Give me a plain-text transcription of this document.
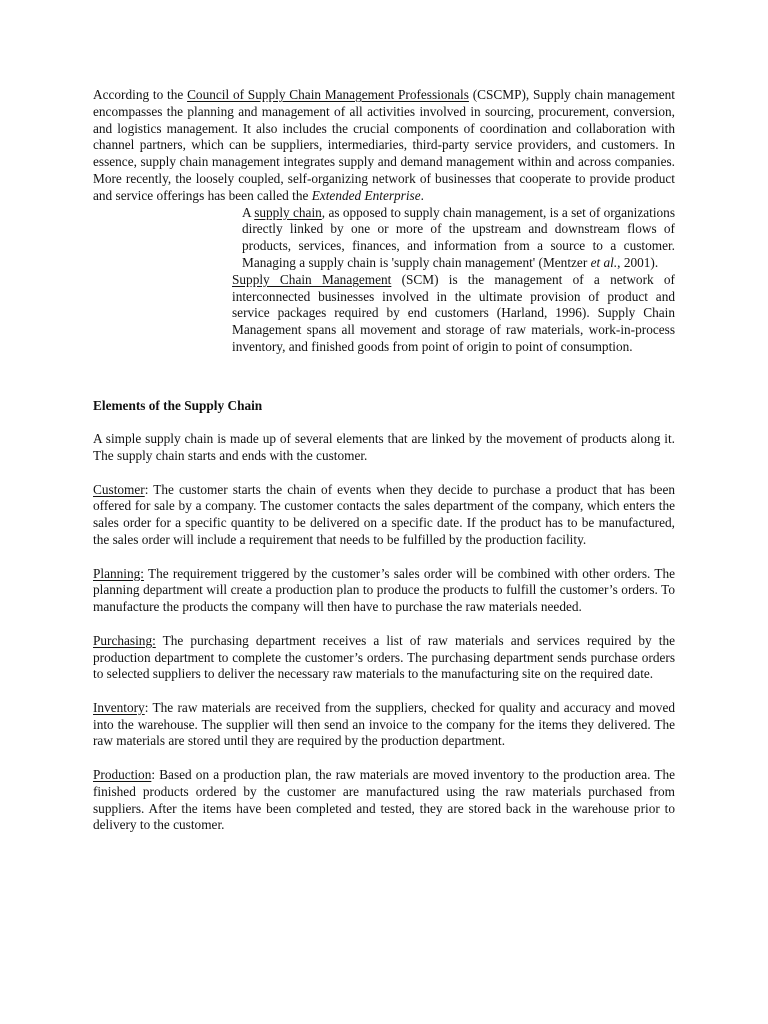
According to the Council of Supply Chain Management Professionals (CSCMP), Supply chain management encompasses the planning and management of all activities involved in sourcing, procurement, conversion, and logistics management. It also includes the crucial components of coordination and collaboration with channel partners, which can be suppliers, intermediaries, third-party service providers, and customers. In essence, supply chain management integrates supply and demand management within and across companies. More recently, the loosely coupled, self-organizing network of businesses that cooperate to provide product and service offerings has been called the Extended Enterprise.

A supply chain, as opposed to supply chain management, is a set of organizations directly linked by one or more of the upstream and downstream flows of products, services, finances, and information from a source to a customer. Managing a supply chain is 'supply chain management' (Mentzer et al., 2001).

Supply Chain Management (SCM) is the management of a network of interconnected businesses involved in the ultimate provision of product and service packages required by end customers (Harland, 1996). Supply Chain Management spans all movement and storage of raw materials, work-in-process inventory, and finished goods from point of origin to point of consumption.

Elements of the Supply Chain

A simple supply chain is made up of several elements that are linked by the movement of products along it. The supply chain starts and ends with the customer.

Customer: The customer starts the chain of events when they decide to purchase a product that has been offered for sale by a company. The customer contacts the sales department of the company, which enters the sales order for a specific quantity to be delivered on a specific date. If the product has to be manufactured, the sales order will include a requirement that needs to be fulfilled by the production facility.

Planning: The requirement triggered by the customer’s sales order will be combined with other orders. The planning department will create a production plan to produce the products to fulfill the customer’s orders. To manufacture the products the company will then have to purchase the raw materials needed.

Purchasing: The purchasing department receives a list of raw materials and services required by the production department to complete the customer’s orders. The purchasing department sends purchase orders to selected suppliers to deliver the necessary raw materials to the manufacturing site on the required date.

Inventory: The raw materials are received from the suppliers, checked for quality and accuracy and moved into the warehouse. The supplier will then send an invoice to the company for the items they delivered. The raw materials are stored until they are required by the production department.

Production: Based on a production plan, the raw materials are moved inventory to the production area. The finished products ordered by the customer are manufactured using the raw materials purchased from suppliers. After the items have been completed and tested, they are stored back in the warehouse prior to delivery to the customer.
